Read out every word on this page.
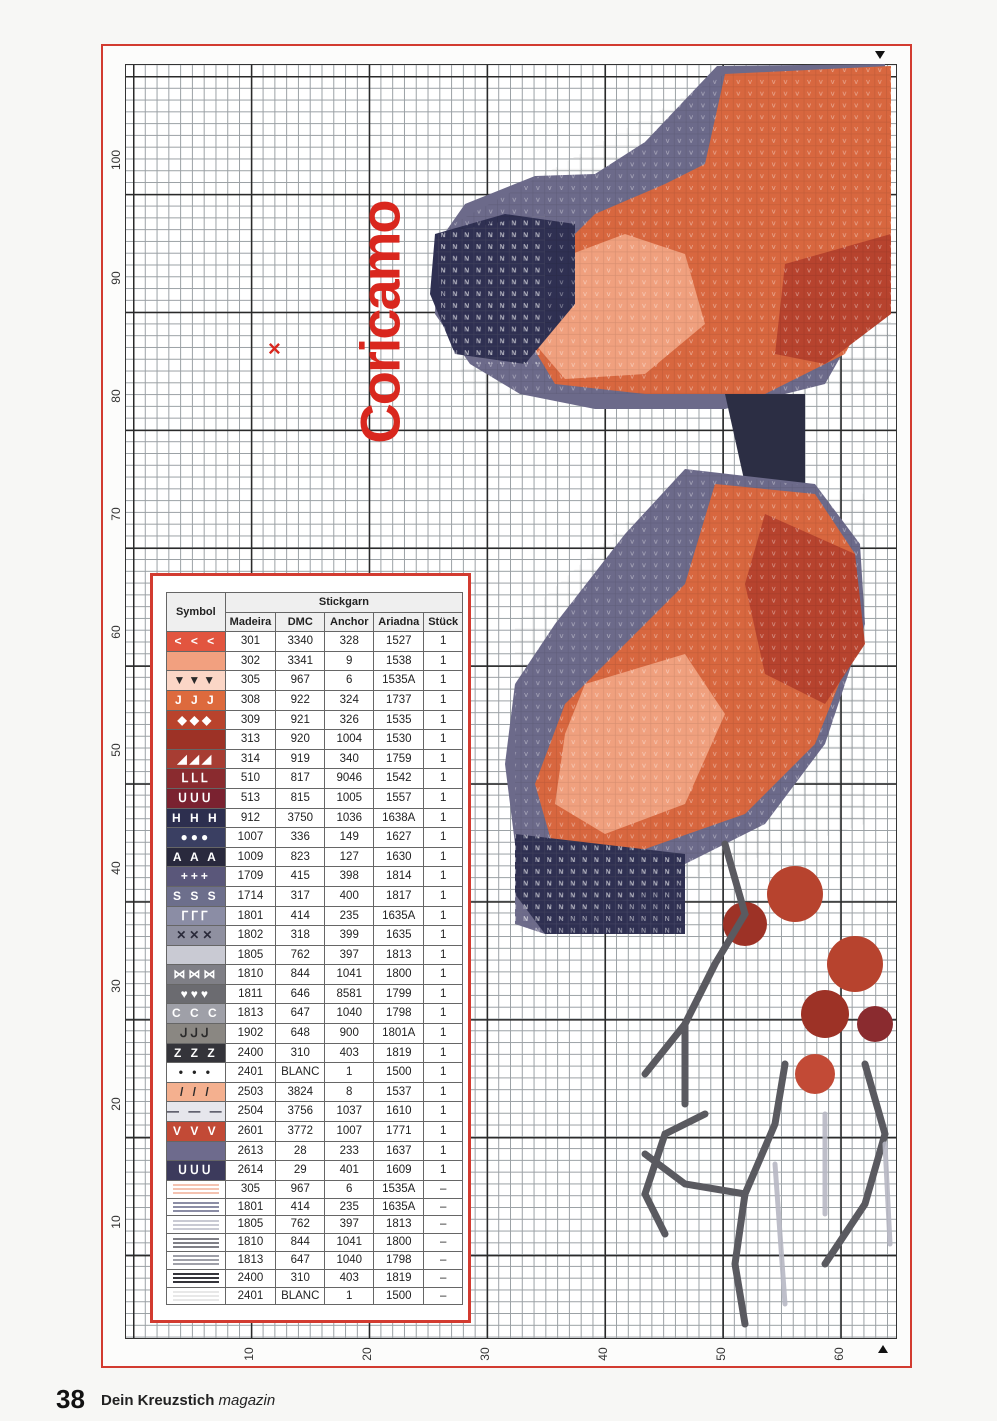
100
90
80
70
60
50
40
30
20
10
10	20	30	40	50	60
Coricamo
×
Symbol	Stickgarn				
	Madeira	DMC	Anchor	Ariadna	Stück
< < <	301	3340	328	1527	1
	302	3341	9	1538	1
▼▼▼	305	967	6	1535A	1
J J J	308	922	324	1737	1
◆◆◆	309	921	326	1535	1
	313	920	1004	1530	1
◢◢◢	314	919	340	1759	1
ᒪᒪᒪ	510	817	9046	1542	1
ᑌᑌᑌ	513	815	1005	1557	1
H H H	912	3750	1036	1638A	1
●●●	1007	336	149	1627	1
A A A	1009	823	127	1630	1
+++	1709	415	398	1814	1
S S S	1714	317	400	1817	1
ᒥᒥᒥ	1801	414	235	1635A	1
✕✕✕	1802	318	399	1635	1
	1805	762	397	1813	1
⋈⋈⋈	1810	844	1041	1800	1
♥♥♥	1811	646	8581	1799	1
C C C	1813	647	1040	1798	1
ᒍᒍᒍ	1902	648	900	1801A	1
Z Z Z	2400	310	403	1819	1
• • •	2401	BLANC	1	1500	1
/ / /	2503	3824	8	1537	1
— — —	2504	3756	1037	1610	1
V V V	2601	3772	1007	1771	1
	2613	28	233	1637	1
ᑌᑌᑌ	2614	29	401	1609	1

	305	967	6	1535A	–

	1801	414	235	1635A	–

	1805	762	397	1813	–

	1810	844	1041	1800	–

	1813	647	1040	1798	–

	2400	310	403	1819	–

	2401	BLANC	1	1500	–
38 Dein Kreuzstich magazin
